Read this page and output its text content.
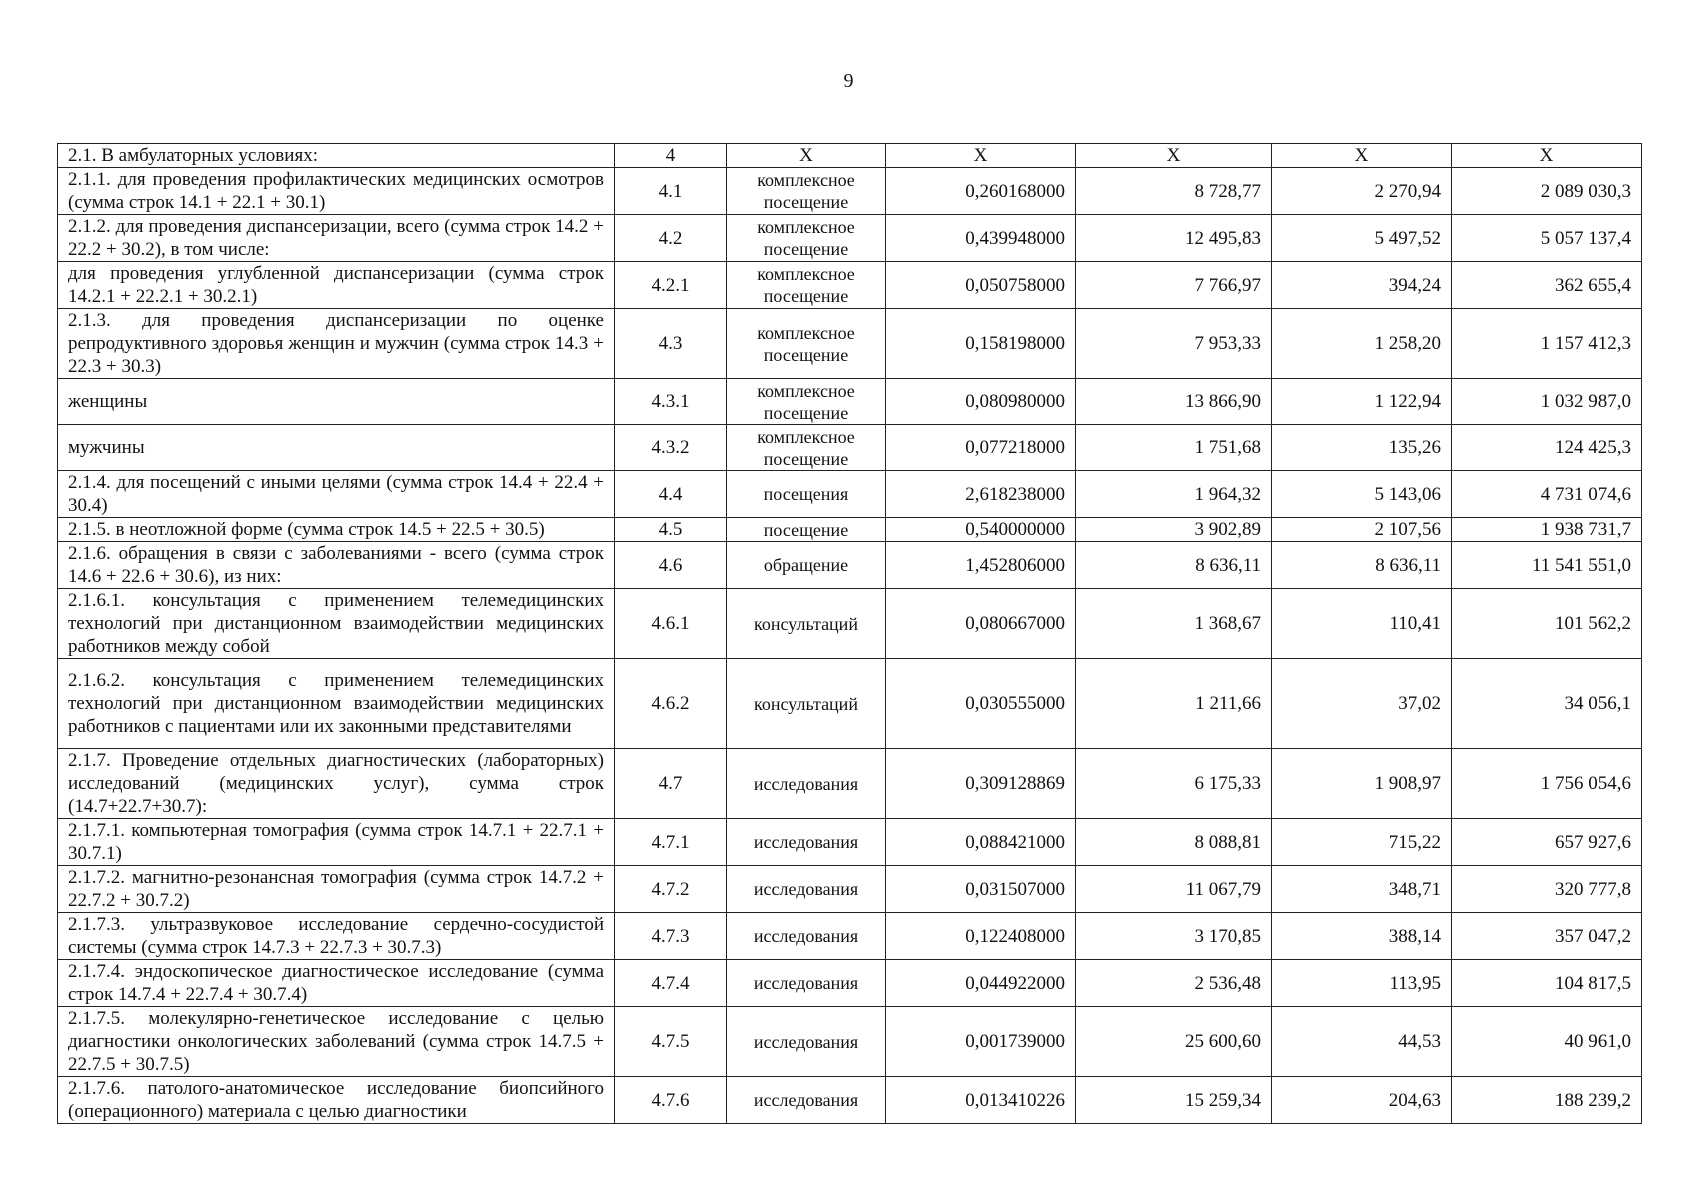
9
2.1. В амбулаторных условиях:	4	X	X	X	X	X
2.1.1. для проведения профилактических медицинских осмотров (сумма строк 14.1 + 22.1 + 30.1)	4.1	комплексное посещение	0,260168000	8 728,77	2 270,94	2 089 030,3
2.1.2. для проведения диспансеризации, всего (сумма строк 14.2 + 22.2 + 30.2), в том числе:	4.2	комплексное посещение	0,439948000	12 495,83	5 497,52	5 057 137,4
для проведения углубленной диспансеризации (сумма строк 14.2.1 + 22.2.1 + 30.2.1)	4.2.1	комплексное посещение	0,050758000	7 766,97	394,24	362 655,4
2.1.3. для проведения диспансеризации по оценке репродуктивного здоровья женщин и мужчин (сумма строк 14.3 + 22.3 + 30.3)	4.3	комплексное посещение	0,158198000	7 953,33	1 258,20	1 157 412,3
женщины	4.3.1	комплексное посещение	0,080980000	13 866,90	1 122,94	1 032 987,0
мужчины	4.3.2	комплексное посещение	0,077218000	1 751,68	135,26	124 425,3
2.1.4. для посещений с иными целями (сумма строк 14.4 + 22.4 + 30.4)	4.4	посещения	2,618238000	1 964,32	5 143,06	4 731 074,6
2.1.5. в неотложной форме (сумма строк 14.5 + 22.5 + 30.5)	4.5	посещение	0,540000000	3 902,89	2 107,56	1 938 731,7
2.1.6. обращения в связи с заболеваниями - всего (сумма строк 14.6 + 22.6 + 30.6), из них:	4.6	обращение	1,452806000	8 636,11	8 636,11	11 541 551,0
2.1.6.1. консультация с применением телемедицинских технологий при дистанционном взаимодействии медицинских работников между собой	4.6.1	консультаций	0,080667000	1 368,67	110,41	101 562,2
2.1.6.2. консультация с применением телемедицинских технологий при дистанционном взаимодействии медицинских работников с пациентами или их законными представителями	4.6.2	консультаций	0,030555000	1 211,66	37,02	34 056,1
2.1.7. Проведение отдельных диагностических (лабораторных) исследований (медицинских услуг), сумма строк (14.7+22.7+30.7):	4.7	исследования	0,309128869	6 175,33	1 908,97	1 756 054,6
2.1.7.1. компьютерная томография (сумма строк 14.7.1 + 22.7.1 + 30.7.1)	4.7.1	исследования	0,088421000	8 088,81	715,22	657 927,6
2.1.7.2. магнитно-резонансная томография (сумма строк 14.7.2 + 22.7.2 + 30.7.2)	4.7.2	исследования	0,031507000	11 067,79	348,71	320 777,8
2.1.7.3. ультразвуковое исследование сердечно-сосудистой системы (сумма строк 14.7.3 + 22.7.3 + 30.7.3)	4.7.3	исследования	0,122408000	3 170,85	388,14	357 047,2
2.1.7.4. эндоскопическое диагностическое исследование (сумма строк 14.7.4 + 22.7.4 + 30.7.4)	4.7.4	исследования	0,044922000	2 536,48	113,95	104 817,5
2.1.7.5. молекулярно-генетическое исследование с целью диагностики онкологических заболеваний (сумма строк 14.7.5 + 22.7.5 + 30.7.5)	4.7.5	исследования	0,001739000	25 600,60	44,53	40 961,0
2.1.7.6. патолого-анатомическое исследование биопсийного (операционного) материала с целью диагностики	4.7.6	исследования	0,013410226	15 259,34	204,63	188 239,2
